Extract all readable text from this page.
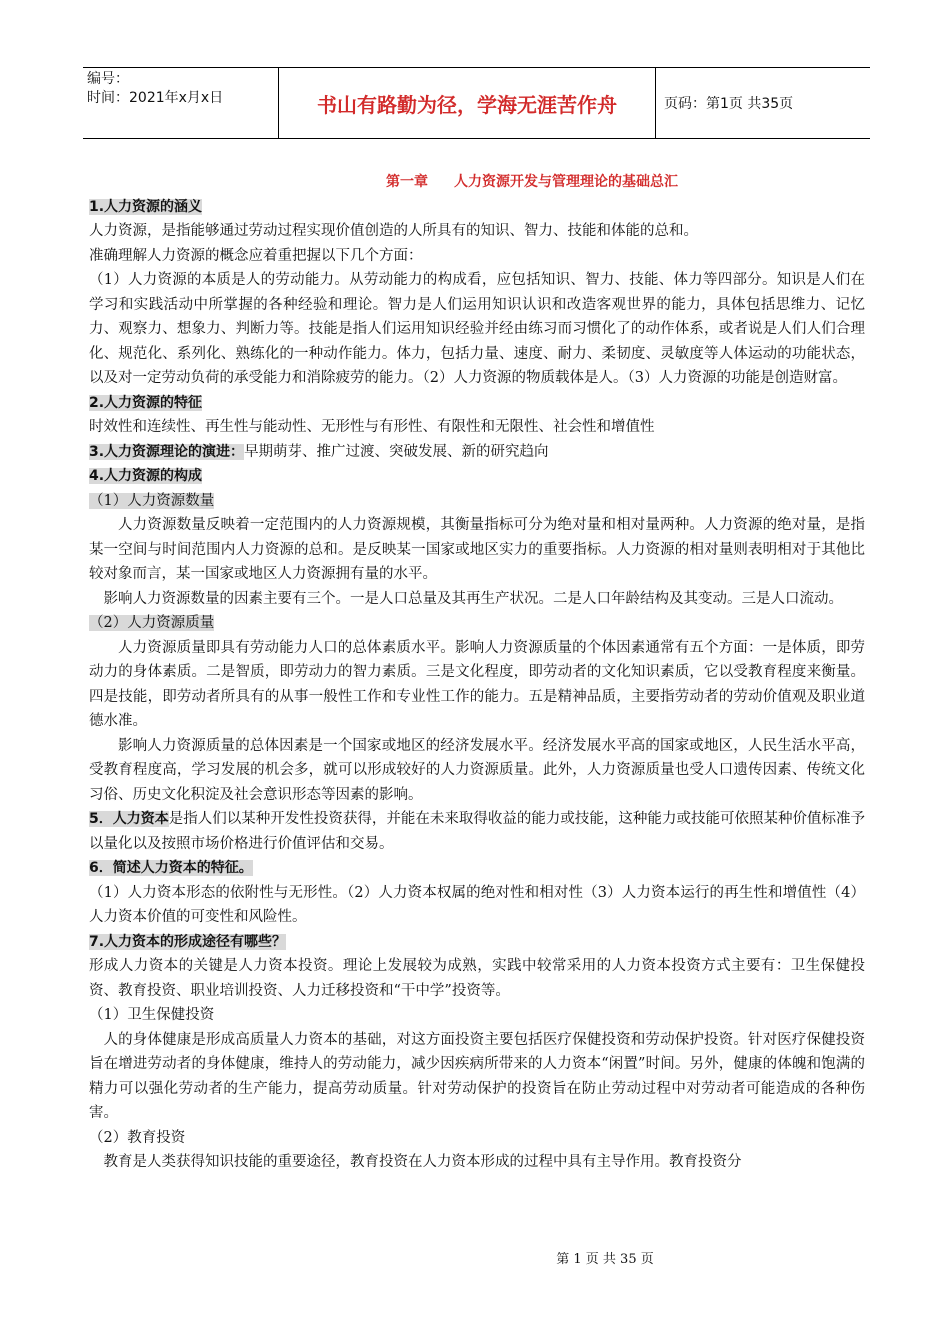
编号：
时间：2021年x月x日	书山有路勤为径，学海无涯苦作舟	页码：第1页 共35页
第一章 人力资源开发与管理理论的基础总汇
1.人力资源的涵义

人力资源，是指能够通过劳动过程实现价值创造的人所具有的知识、智力、技能和体能的总和。

准确理解人力资源的概念应着重把握以下几个方面：

（1）人力资源的本质是人的劳动能力。从劳动能力的构成看，应包括知识、智力、技能、体力等四部分。知识是人们在学习和实践活动中所掌握的各种经验和理论。智力是人们运用知识认识和改造客观世界的能力，具体包括思维力、记忆力、观察力、想象力、判断力等。技能是指人们运用知识经验并经由练习而习惯化了的动作体系，或者说是人们人们合理化、规范化、系列化、熟练化的一种动作能力。体力，包括力量、速度、耐力、柔韧度、灵敏度等人体运动的功能状态，以及对一定劳动负荷的承受能力和消除疲劳的能力。（2）人力资源的物质载体是人。（3）人力资源的功能是创造财富。

2.人力资源的特征

时效性和连续性、再生性与能动性、无形性与有形性、有限性和无限性、社会性和增值性

3.人力资源理论的演进：早期萌芽、推广过渡、突破发展、新的研究趋向

4.人力资源的构成
（1）人力资源数量

人力资源数量反映着一定范围内的人力资源规模，其衡量指标可分为绝对量和相对量两种。人力资源的绝对量，是指某一空间与时间范围内人力资源的总和。是反映某一国家或地区实力的重要指标。人力资源的相对量则表明相对于其他比较对象而言，某一国家或地区人力资源拥有量的水平。

影响人力资源数量的因素主要有三个。一是人口总量及其再生产状况。二是人口年龄结构及其变动。三是人口流动。

（2）人力资源质量

人力资源质量即具有劳动能力人口的总体素质水平。影响人力资源质量的个体因素通常有五个方面：一是体质，即劳动力的身体素质。二是智质，即劳动力的智力素质。三是文化程度，即劳动者的文化知识素质，它以受教育程度来衡量。四是技能，即劳动者所具有的从事一般性工作和专业性工作的能力。五是精神品质，主要指劳动者的劳动价值观及职业道德水准。

影响人力资源质量的总体因素是一个国家或地区的经济发展水平。经济发展水平高的国家或地区，人民生活水平高，受教育程度高，学习发展的机会多，就可以形成较好的人力资源质量。此外，人力资源质量也受人口遗传因素、传统文化习俗、历史文化积淀及社会意识形态等因素的影响。

5．人力资本是指人们以某种开发性投资获得，并能在未来取得收益的能力或技能，这种能力或技能可依照某种价值标准予以量化以及按照市场价格进行价值评估和交易。

6．简述人力资本的特征。

（1）人力资本形态的依附性与无形性。（2）人力资本权属的绝对性和相对性（3）人力资本运行的再生性和增值性（4）人力资本价值的可变性和风险性。

7.人力资本的形成途径有哪些？

形成人力资本的关键是人力资本投资。理论上发展较为成熟，实践中较常采用的人力资本投资方式主要有：卫生保健投资、教育投资、职业培训投资、人力迁移投资和“干中学”投资等。

（1）卫生保健投资

人的身体健康是形成高质量人力资本的基础，对这方面投资主要包括医疗保健投资和劳动保护投资。针对医疗保健投资旨在增进劳动者的身体健康，维持人的劳动能力，减少因疾病所带来的人力资本“闲置”时间。另外，健康的体魄和饱满的精力可以强化劳动者的生产能力，提高劳动质量。针对劳动保护的投资旨在防止劳动过程中对劳动者可能造成的各种伤害。

（2）教育投资

教育是人类获得知识技能的重要途径，教育投资在人力资本形成的过程中具有主导作用。教育投资分

第 1 页 共 35 页
